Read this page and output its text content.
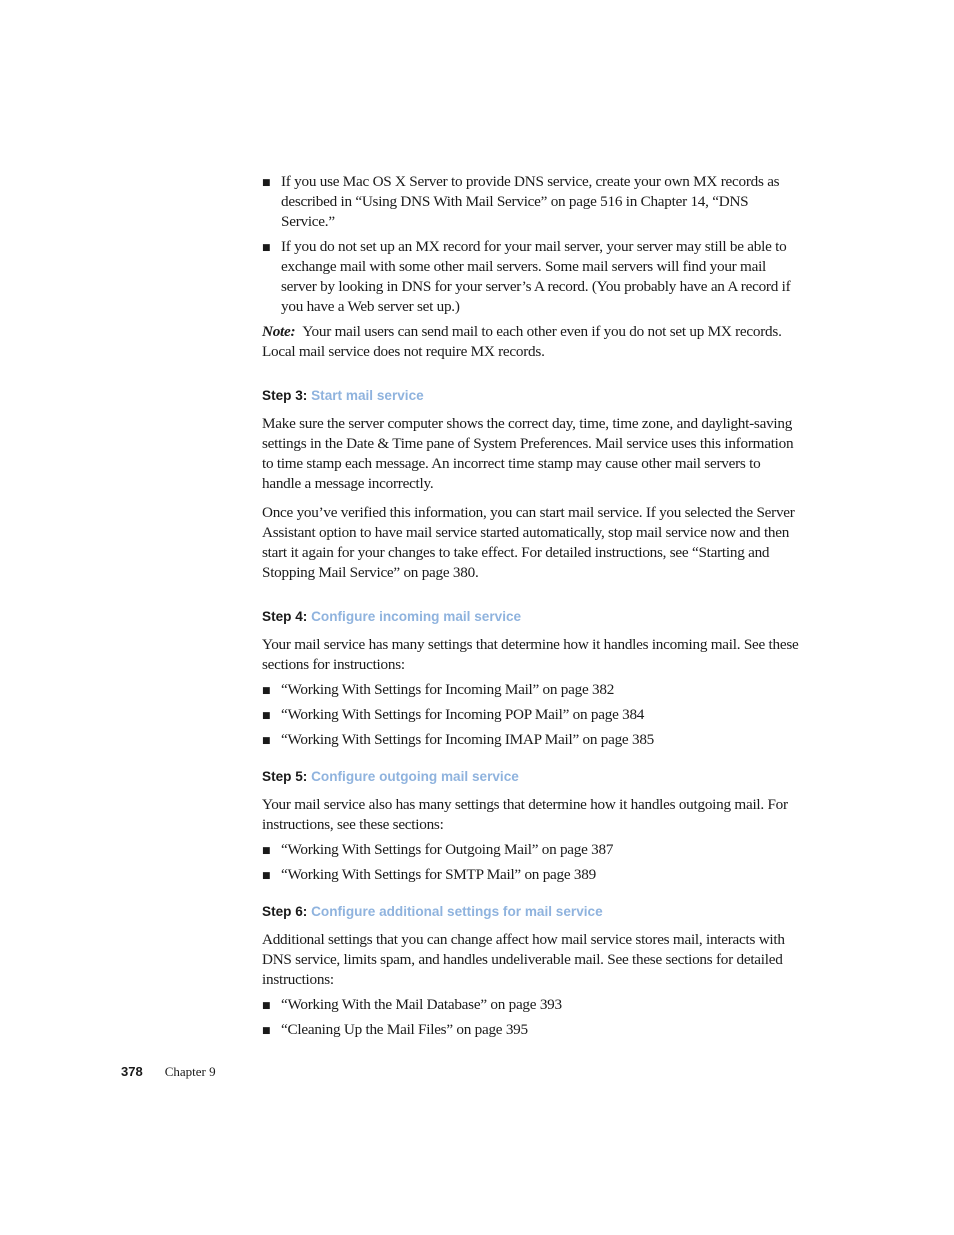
■ If you use Mac OS X Server to provide DNS service, create your own MX records as described in “Using DNS With Mail Service” on page 516 in Chapter 14, “DNS Service.”
■ If you do not set up an MX record for your mail server, your server may still be able to exchange mail with some other mail servers. Some mail servers will find your mail server by looking in DNS for your server’s A record. (You probably have an A record if you have a Web server set up.)

Note: Your mail users can send mail to each other even if you do not set up MX records. Local mail service does not require MX records.

Step 3: Start mail service

Make sure the server computer shows the correct day, time, time zone, and daylight-saving settings in the Date & Time pane of System Preferences. Mail service uses this information to time stamp each message. An incorrect time stamp may cause other mail servers to handle a message incorrectly.

Once you’ve verified this information, you can start mail service. If you selected the Server Assistant option to have mail service started automatically, stop mail service now and then start it again for your changes to take effect. For detailed instructions, see “Starting and Stopping Mail Service” on page 380.

Step 4: Configure incoming mail service

Your mail service has many settings that determine how it handles incoming mail. See these sections for instructions:

■ “Working With Settings for Incoming Mail” on page 382
■ “Working With Settings for Incoming POP Mail” on page 384
■ “Working With Settings for Incoming IMAP Mail” on page 385
Step 5: Configure outgoing mail service

Your mail service also has many settings that determine how it handles outgoing mail. For instructions, see these sections:

■ “Working With Settings for Outgoing Mail” on page 387
■ “Working With Settings for SMTP Mail” on page 389
Step 6: Configure additional settings for mail service

Additional settings that you can change affect how mail service stores mail, interacts with DNS service, limits spam, and handles undeliverable mail. See these sections for detailed instructions:

■ “Working With the Mail Database” on page 393
■ “Cleaning Up the Mail Files” on page 395
378 Chapter 9
